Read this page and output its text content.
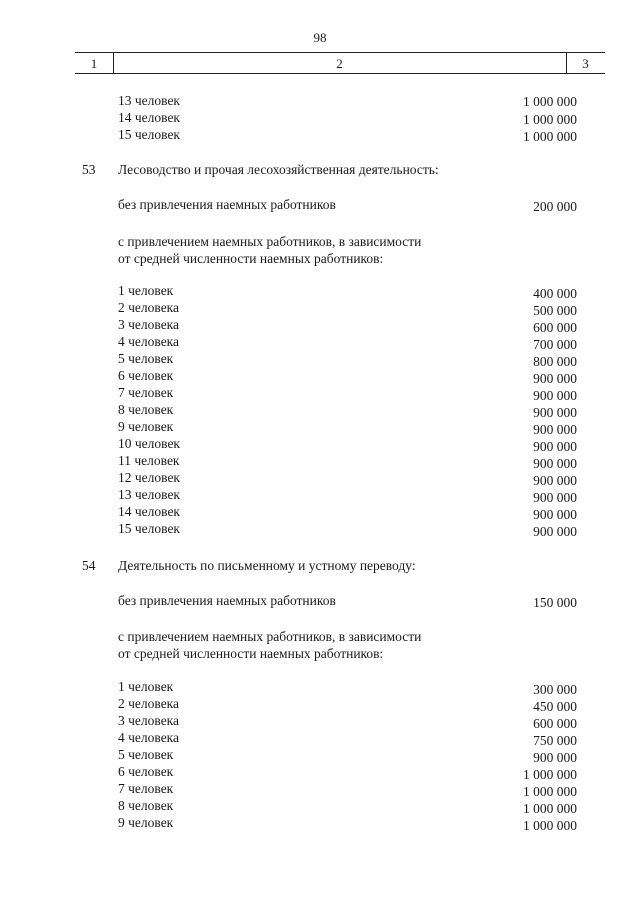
98
1	2	3
13 человек	1 000 000
14 человек	1 000 000
15 человек	1 000 000
53 Лесоводство и прочая лесохозяйственная деятельность:
без привлечения наемных работников	200 000
с привлечением наемных работников, в зависимости
от средней численности наемных работников:
1 человек	400 000
2 человека	500 000
3 человека	600 000
4 человека	700 000
5 человек	800 000
6 человек	900 000
7 человек	900 000
8 человек	900 000
9 человек	900 000
10 человек	900 000
11 человек	900 000
12 человек	900 000
13 человек	900 000
14 человек	900 000
15 человек	900 000
54 Деятельность по письменному и устному переводу:
без привлечения наемных работников	150 000
с привлечением наемных работников, в зависимости
от средней численности наемных работников:
1 человек	300 000
2 человека	450 000
3 человека	600 000
4 человека	750 000
5 человек	900 000
6 человек	1 000 000
7 человек	1 000 000
8 человек	1 000 000
9 человек	1 000 000
